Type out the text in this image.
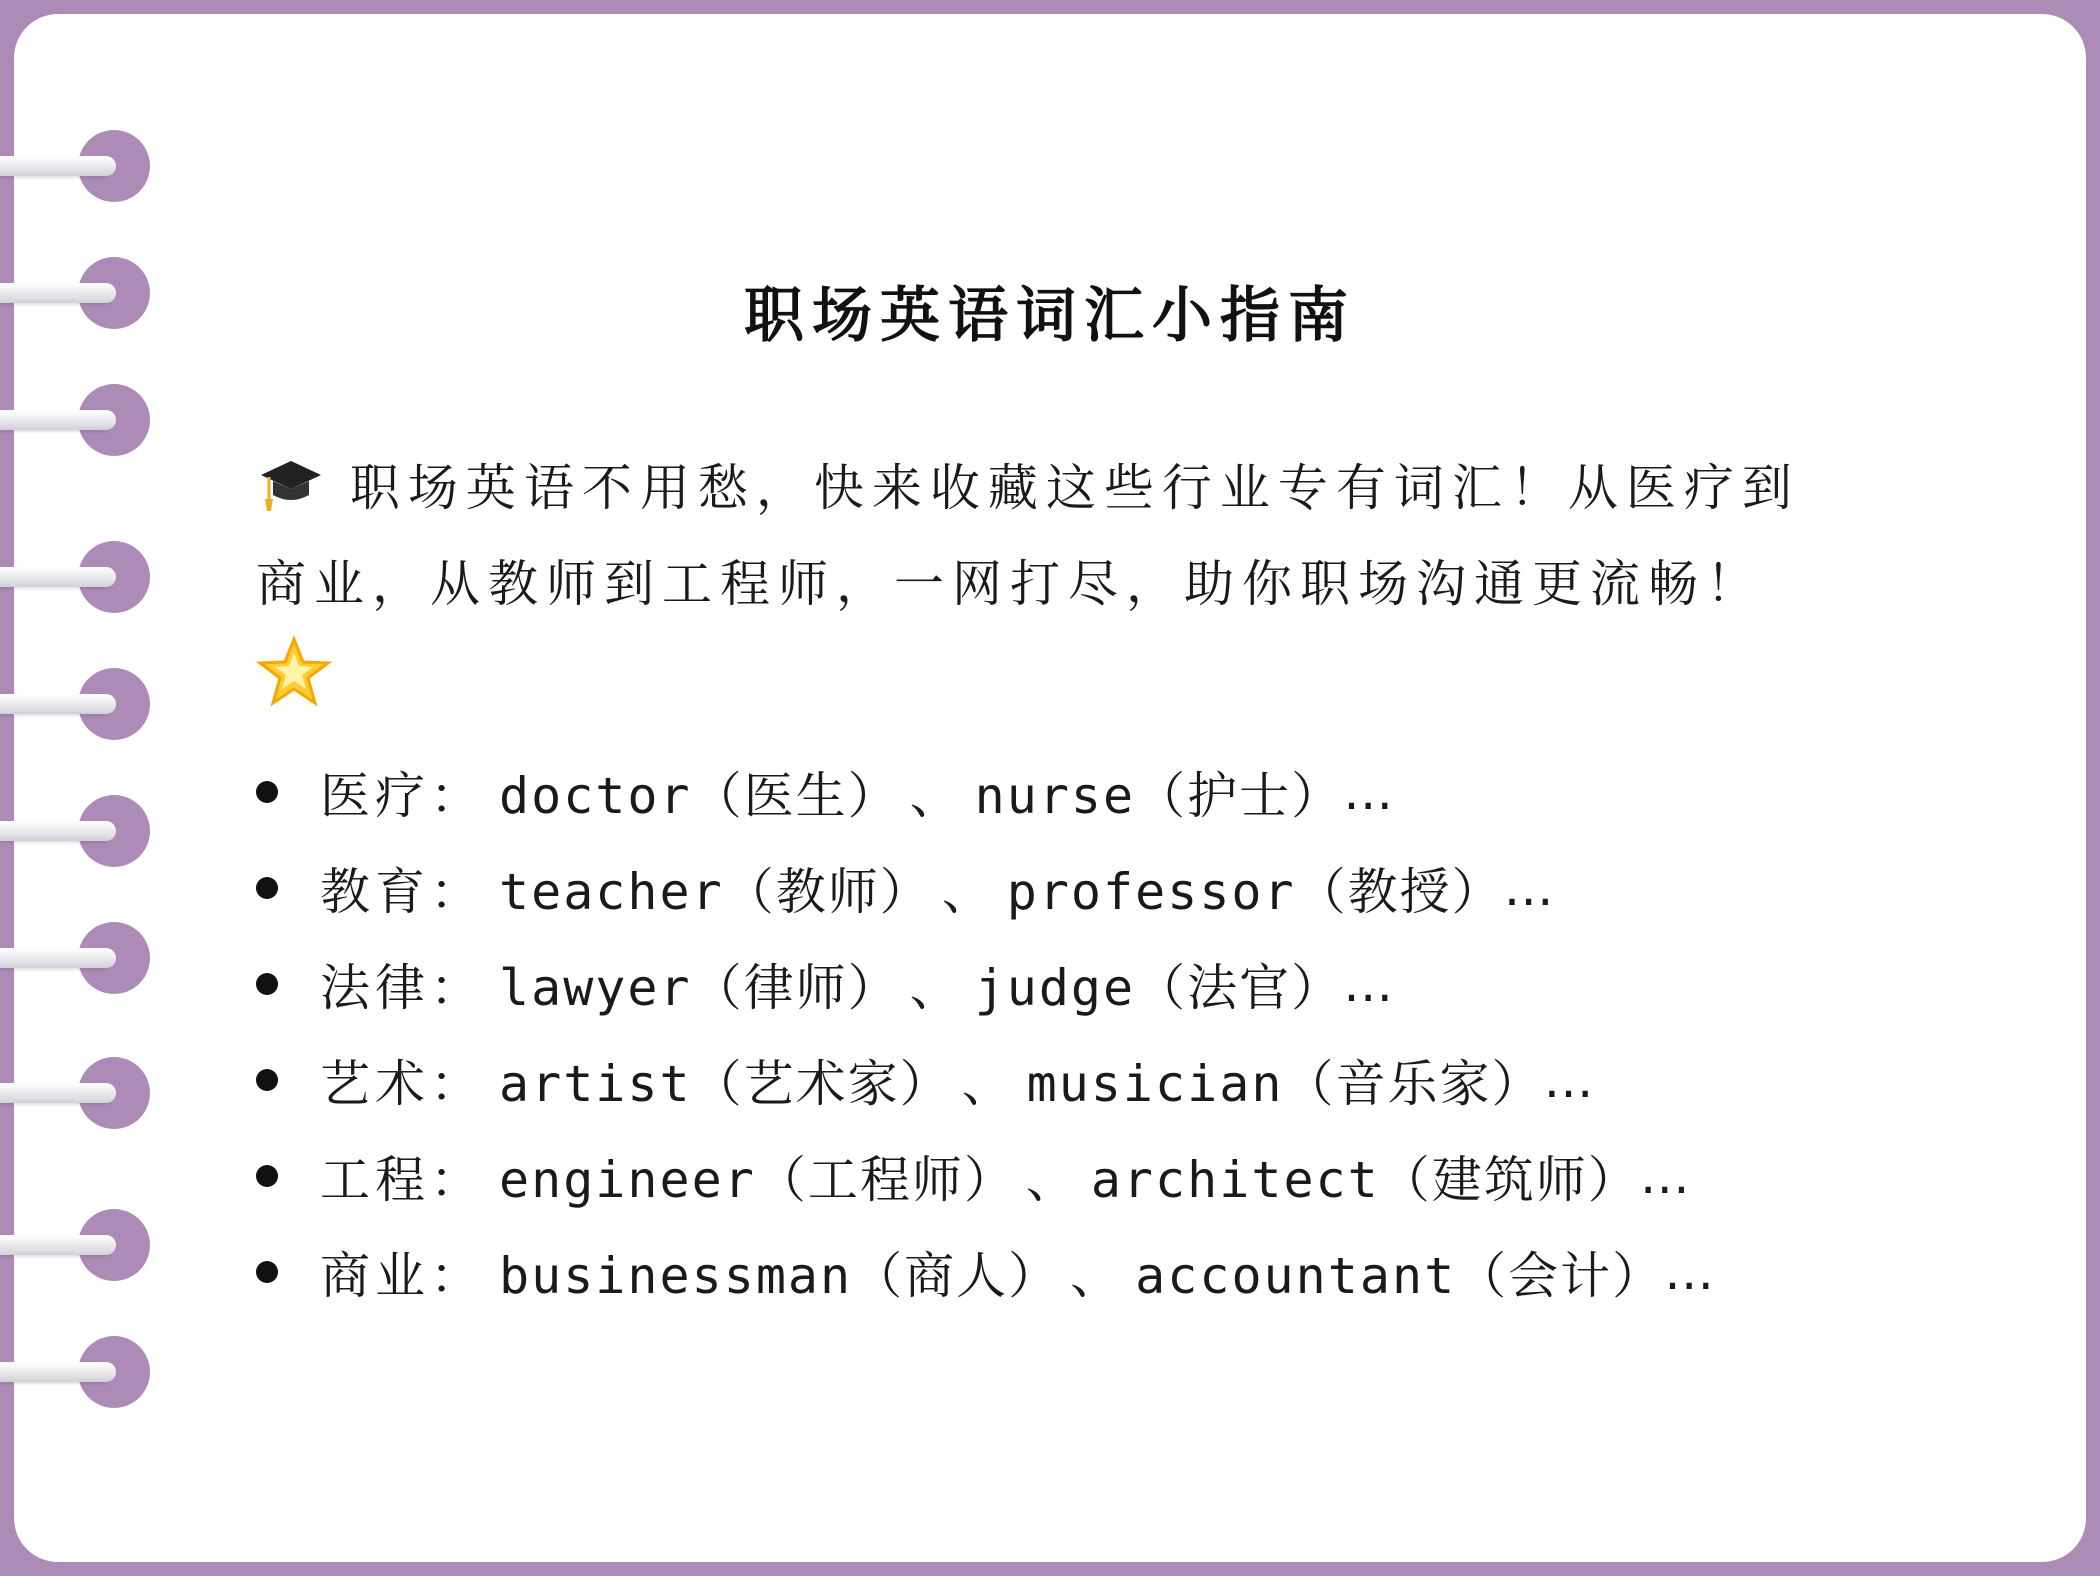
职场英语词汇小指南

职场英语不用愁，快来收藏这些行业专有词汇！从医疗到商业，从教师到工程师，一网打尽，助你职场沟通更流畅！

医疗： doctor（医生） 、 nurse（护士） …
教育： teacher（教师） 、 professor（教授） …
法律： lawyer（律师） 、 judge（法官） …
艺术： artist（艺术家） 、 musician（音乐家） …
工程： engineer（工程师） 、 architect（建筑师） …
商业： businessman（商人） 、 accountant（会计） …
